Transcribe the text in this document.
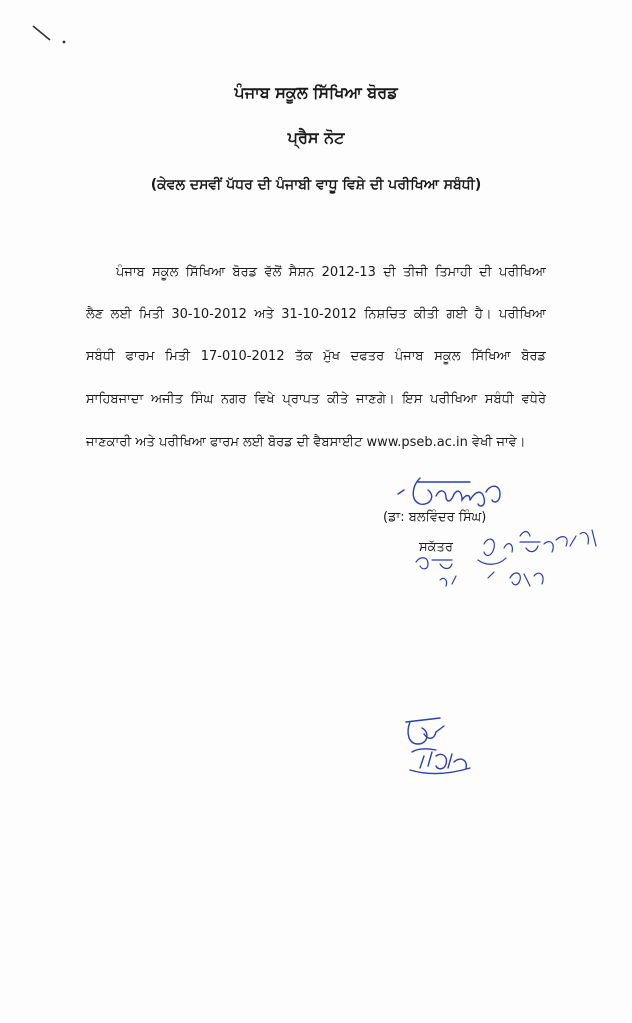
ਪੰਜਾਬ ਸਕੂਲ ਸਿੱਖਿਆ ਬੋਰਡ
ਪ੍ਰੈਸ ਨੋਟ
(ਕੇਵਲ ਦਸਵੀਂ ਪੱਧਰ ਦੀ ਪੰਜਾਬੀ ਵਾਧੂ ਵਿਸ਼ੇ ਦੀ ਪਰੀਖਿਆ ਸਬੰਧੀ)
ਪੰਜਾਬ ਸਕੂਲ ਸਿੱਖਿਆ ਬੋਰਡ ਵੱਲੋਂ ਸੈਸ਼ਨ 2012-13 ਦੀ ਤੀਜੀ ਤਿਮਾਹੀ ਦੀ ਪਰੀਖਿਆ
ਲੈਣ ਲਈ ਮਿਤੀ 30-10-2012 ਅਤੇ 31-10-2012 ਨਿਸ਼ਚਿਤ ਕੀਤੀ ਗਈ ਹੈ। ਪਰੀਖਿਆ
ਸਬੰਧੀ ਫਾਰਮ ਮਿਤੀ 17-010-2012 ਤੱਕ ਮੁੱਖ ਦਫਤਰ ਪੰਜਾਬ ਸਕੂਲ ਸਿੱਖਿਆ ਬੋਰਡ
ਸਾਹਿਬਜਾਦਾ ਅਜੀਤ ਸਿੰਘ ਨਗਰ ਵਿਖੇ ਪ੍ਰਾਪਤ ਕੀਤੇ ਜਾਣਗੇ। ਇਸ ਪਰੀਖਿਆ ਸਬੰਧੀ ਵਧੇਰੇ
ਜਾਣਕਾਰੀ ਅਤੇ ਪਰੀਖਿਆ ਫਾਰਮ ਲਈ ਬੋਰਡ ਦੀ ਵੈਬਸਾਈਟ www.pseb.ac.in ਵੇਖੀ ਜਾਵੇ।
(ਡਾ: ਬਲਵਿੰਦਰ ਸਿੰਘ)
ਸਕੱਤਰ
